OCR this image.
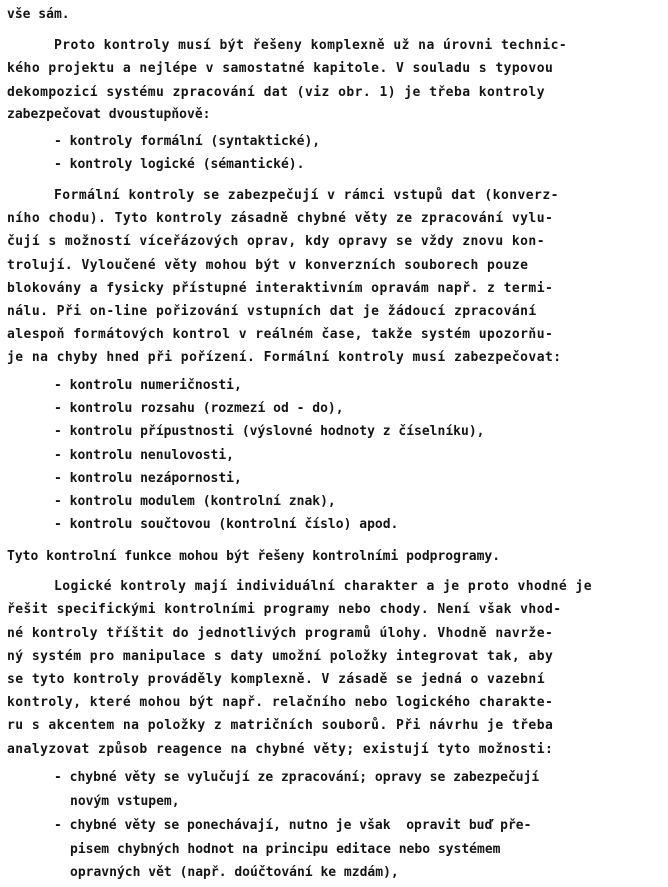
vše sám.
Proto kontroly musí být řešeny komplexně už na úrovni technic-
kého projektu a nejlépe v samostatné kapitole. V souladu s typovou
dekompozicí systému zpracování dat (viz obr. 1) je třeba kontroly
zabezpečovat dvoustupňově:
- kontroly formální (syntaktické),
- kontroly logické (sémantické).
Formální kontroly se zabezpečují v rámci vstupů dat (konverz-
ního chodu). Tyto kontroly zásadně chybné věty ze zpracování vylu-
čují s možností víceřázových oprav, kdy opravy se vždy znovu kon-
trolují. Vyloučené věty mohou být v konverzních souborech pouze
blokovány a fysicky přístupné interaktivním opravám např. z termi-
nálu. Při on-line pořizování vstupních dat je žádoucí zpracování
alespoň formátových kontrol v reálném čase, takže systém upozorňu-
je na chyby hned při pořízení. Formální kontroly musí zabezpečovat:
- kontrolu numeričnosti,
- kontrolu rozsahu (rozmezí od - do),
- kontrolu přípustnosti (výslovné hodnoty z číselníku),
- kontrolu nenulovosti,
- kontrolu nezápornosti,
- kontrolu modulem (kontrolní znak),
- kontrolu součtovou (kontrolní číslo) apod.
Tyto kontrolní funkce mohou být řešeny kontrolními podprogramy.
Logické kontroly mají individuální charakter a je proto vhodné je
řešit specifickými kontrolními programy nebo chody. Není však vhod-
né kontroly tříštit do jednotlivých programů úlohy. Vhodně navrže-
ný systém pro manipulace s daty umožní položky integrovat tak, aby
se tyto kontroly prováděly komplexně. V zásadě se jedná o vazební
kontroly, které mohou být např. relačního nebo logického charakte-
ru s akcentem na položky z matričních souborů. Při návrhu je třeba
analyzovat způsob reagence na chybné věty; existují tyto možnosti:
- chybné věty se vylučují ze zpracování; opravy se zabezpečují
novým vstupem,
- chybné věty se ponechávají, nutno je však  opravit buď pře-
pisem chybných hodnot na principu editace nebo systémem
opravných vět (např. doúčtování ke mzdám),
